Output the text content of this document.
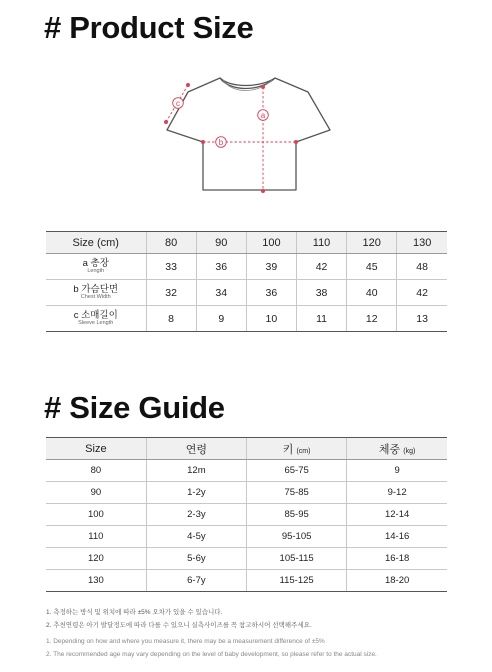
# Product Size
a
b
c
Size (cm)	80	90	100	110	120	130

a 총장
Length	33	36	39	42	45	48

b 가슴단면
Chest Width	32	34	36	38	40	42

c 소매길이
Sleeve Length	8	9	10	11	12	13
# Size Guide
Size	연령	키 (cm)	체중 (kg)
80	12m	65-75	9
90	1-2y	75-85	9-12
100	2-3y	85-95	12-14
110	4-5y	95-105	14-16
120	5-6y	105-115	16-18
130	6-7y	115-125	18-20
1. 측정하는 방식 및 위치에 따라 ±5% 오차가 있을 수 있습니다.
2. 추천연령은 아기 발달정도에 따라 다를 수 있으니 실측사이즈를 꼭 참고하시어 선택해주세요.
1. Depending on how and where you measure it, there may be a measurement difference of ±5%
2. The recommended age may vary depending on the level of baby development, so please refer to the actual size.
